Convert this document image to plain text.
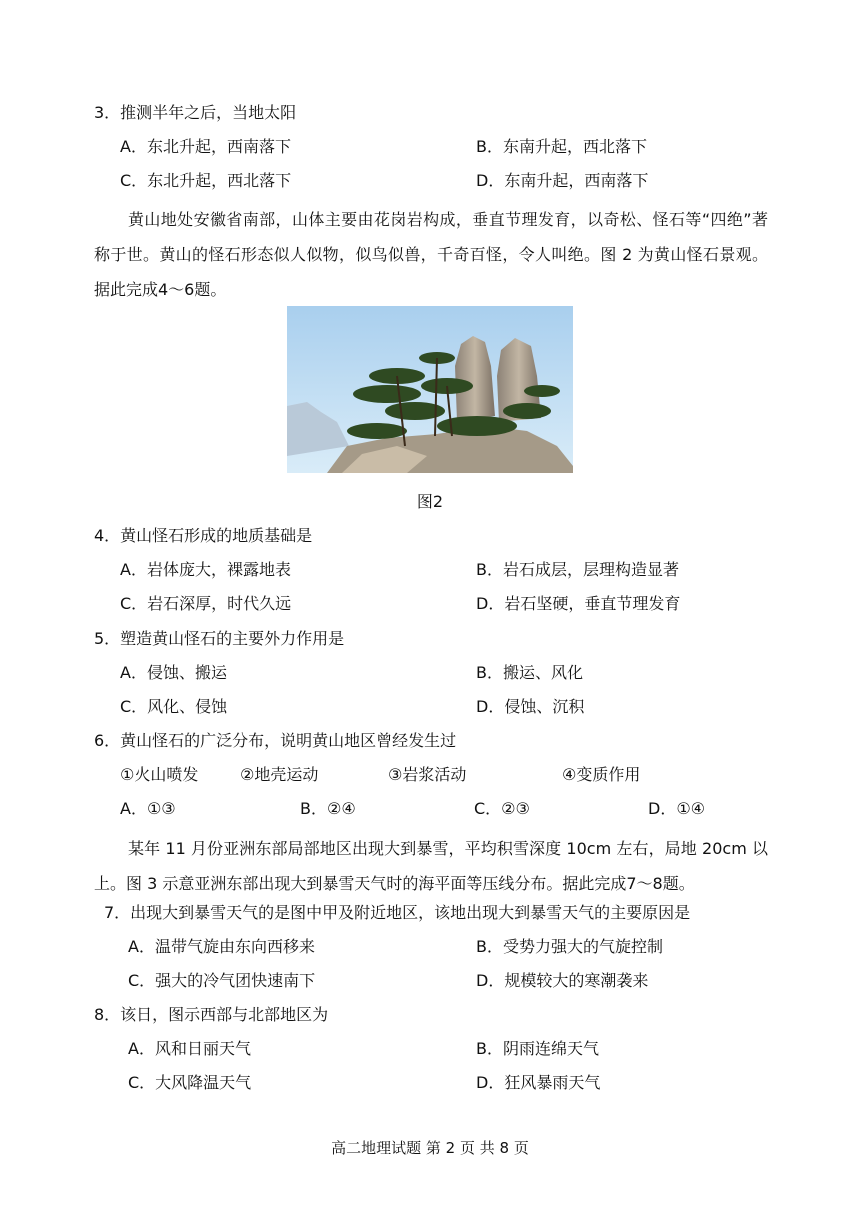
3．推测半年之后，当地太阳
A．东北升起，西南落下	B．东南升起，西北落下
C．东北升起，西北落下	D．东南升起，西南落下
黄山地处安徽省南部，山体主要由花岗岩构成，垂直节理发育，以奇松、怪石等“四绝”著称于世。黄山的怪石形态似人似物，似鸟似兽，千奇百怪，令人叫绝。图 2 为黄山怪石景观。据此完成4～6题。
图2
4．黄山怪石形成的地质基础是
A．岩体庞大，裸露地表	B．岩石成层，层理构造显著
C．岩石深厚，时代久远	D．岩石坚硬，垂直节理发育
5．塑造黄山怪石的主要外力作用是
A．侵蚀、搬运	B．搬运、风化
C．风化、侵蚀	D．侵蚀、沉积
6．黄山怪石的广泛分布，说明黄山地区曾经发生过
①火山喷发	②地壳运动	③岩浆活动	④变质作用
A．①③	B．②④	C．②③	D．①④
某年 11 月份亚洲东部局部地区出现大到暴雪，平均积雪深度 10cm 左右，局地 20cm 以上。图 3 示意亚洲东部出现大到暴雪天气时的海平面等压线分布。据此完成7～8题。
7．出现大到暴雪天气的是图中甲及附近地区，该地出现大到暴雪天气的主要原因是
A．温带气旋由东向西移来	B．受势力强大的气旋控制
C．强大的冷气团快速南下	D．规模较大的寒潮袭来
8．该日，图示西部与北部地区为
A．风和日丽天气	B．阴雨连绵天气
C．大风降温天气	D．狂风暴雨天气
高二地理试题 第 2 页 共 8 页
